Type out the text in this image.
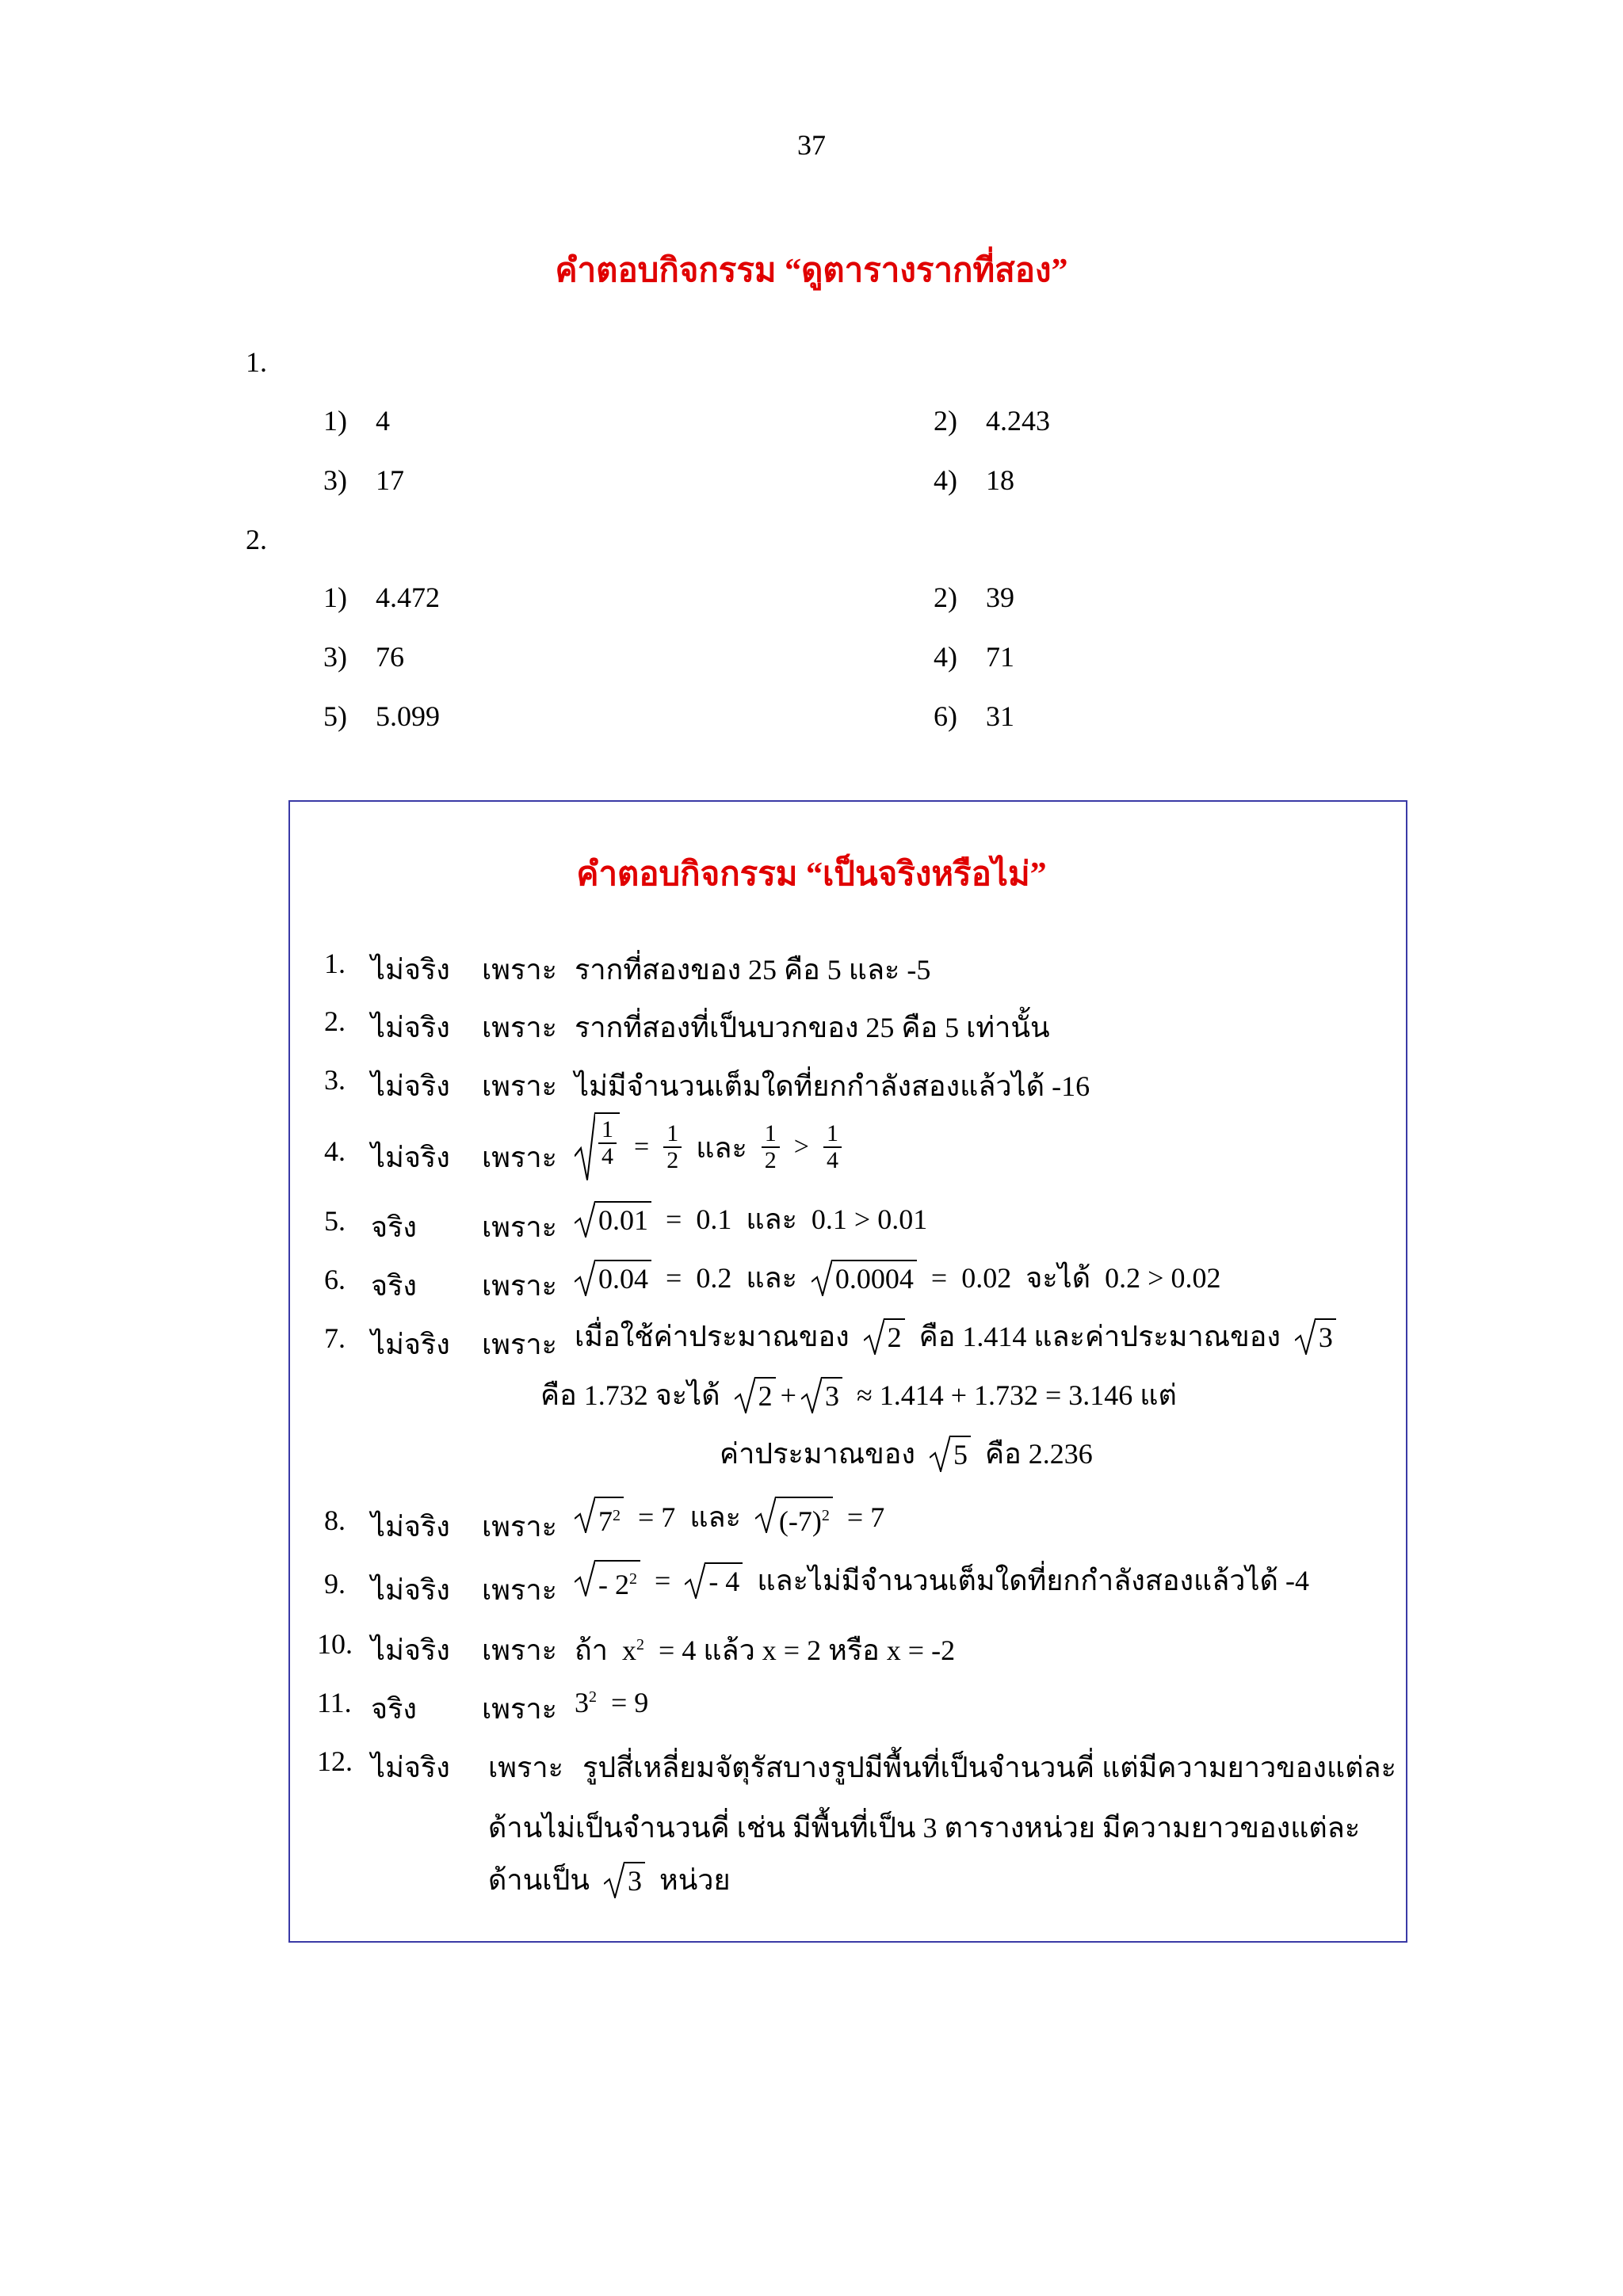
37
คำตอบกิจกรรม “ดูตารางรากที่สอง”
1.
1) 4	2) 4.243
3) 17	4) 18
2.
1) 4.472	2) 39
3) 76	4) 71
5) 5.099	6) 31
คำตอบกิจกรรม “เป็นจริงหรือไม่”
1. ไม่จริง เพราะ รากที่สองของ 25 คือ 5 และ -5
2. ไม่จริง เพราะ รากที่สองที่เป็นบวกของ 25 คือ 5 เท่านั้น
3. ไม่จริง เพราะ ไม่มีจำนวนเต็มใดที่ยกกำลังสองแล้วได้ -16
4. ไม่จริง เพราะ $\frac{1}{4} = \frac{1}{2}$ และ $\frac{1}{2} > \frac{1}{4}$
5. จริง เพราะ 0.01 = 0.1 และ 0.1 > 0.01
6. จริง เพราะ 0.04 = 0.2 และ 0.0004 = 0.02 จะได้ 0.2 > 0.02
7. ไม่จริง เพราะ เมื่อใช้ค่าประมาณของ 2 คือ 1.414 และค่าประมาณของ 3
คือ 1.732 จะได้ 2 + 3 ≈ 1.414 + 1.732 = 3.146 แต่
ค่าประมาณของ 5 คือ 2.236
8. ไม่จริง เพราะ $7^2 = 7$ และ $(-7)^2 = 7$
9. ไม่จริง เพราะ - $2^2$ = - 4 และไม่มีจำนวนเต็มใดที่ยกกำลังสองแล้วได้ -4
10. ไม่จริง เพราะ ถ้า $x^2 = 4$ แล้ว x = 2 หรือ x = -2
11. จริง เพราะ $3^2 = 9$
12. ไม่จริง เพราะ รูปสี่เหลี่ยมจัตุรัสบางรูปมีพื้นที่เป็นจำนวนคี่ แต่มีความยาวของแต่ละ
ด้านไม่เป็นจำนวนคี่ เช่น มีพื้นที่เป็น 3 ตารางหน่วย มีความยาวของแต่ละ
ด้านเป็น 3 หน่วย
